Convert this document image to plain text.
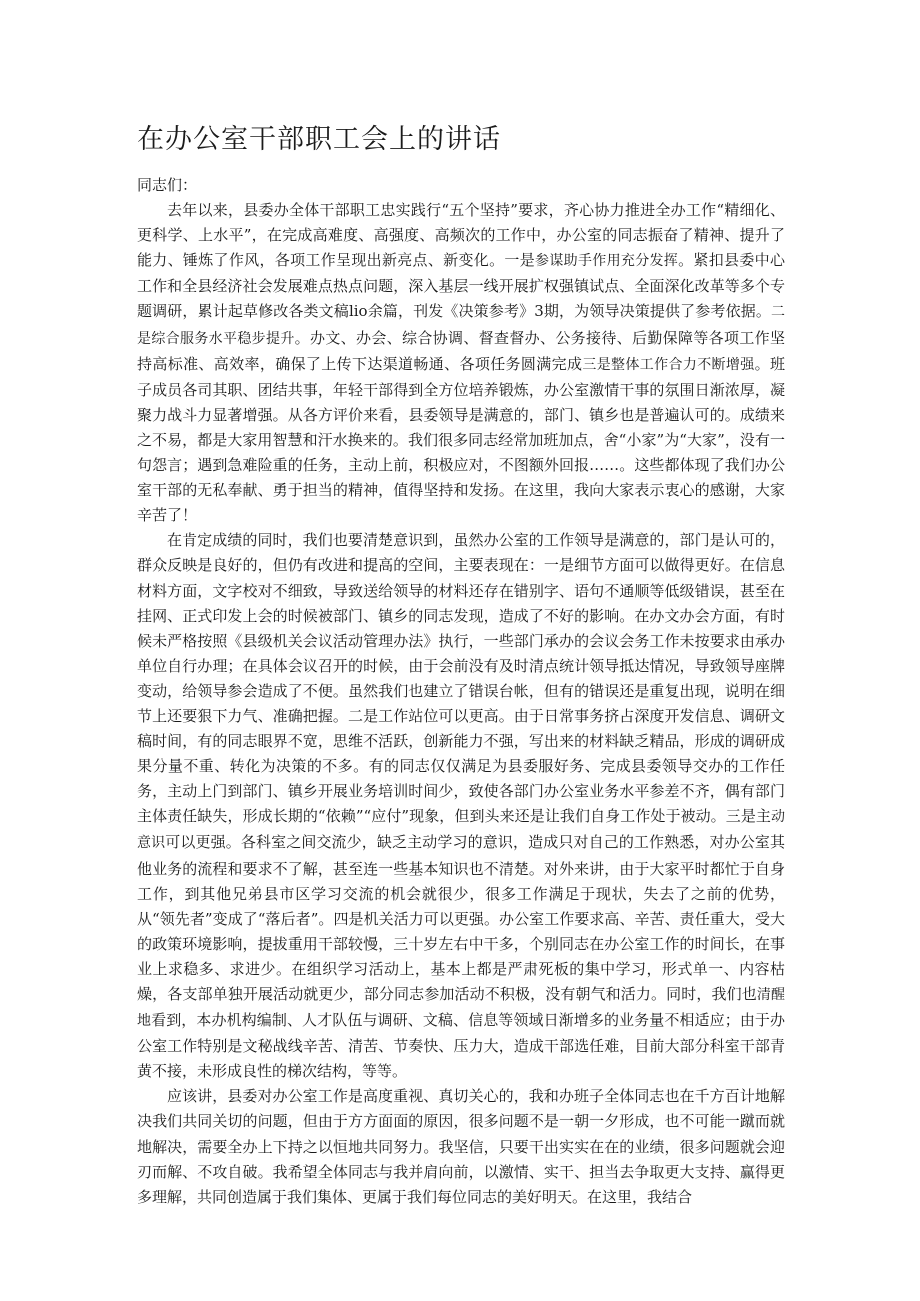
在办公室干部职工会上的讲话

同志们：

去年以来，县委办全体干部职工忠实践行“五个坚持”要求，齐心协力推进全办工作“精细化、更科学、上水平”，在完成高难度、高强度、高频次的工作中，办公室的同志振奋了精神、提升了能力、锤炼了作风，各项工作呈现出新亮点、新变化。一是参谋助手作用充分发挥。紧扣县委中心工作和全县经济社会发展难点热点问题，深入基层一线开展扩权强镇试点、全面深化改革等多个专题调研，累计起草修改各类文稿lio余篇，刊发《决策参考》3期，为领导决策提供了参考依据。二是综合服务水平稳步提升。办文、办会、综合协调、督查督办、公务接待、后勤保障等各项工作坚持高标准、高效率，确保了上传下达渠道畅通、各项任务圆满完成三是整体工作合力不断增强。班子成员各司其职、团结共事，年轻干部得到全方位培养锻炼，办公室激情干事的氛围日渐浓厚，凝聚力战斗力显著增强。从各方评价来看，县委领导是满意的，部门、镇乡也是普遍认可的。成绩来之不易，都是大家用智慧和汗水换来的。我们很多同志经常加班加点，舍“小家”为“大家”，没有一句怨言；遇到急难险重的任务，主动上前，积极应对，不图额外回报……。这些都体现了我们办公室干部的无私奉献、勇于担当的精神，值得坚持和发扬。在这里，我向大家表示衷心的感谢，大家辛苦了！

在肯定成绩的同时，我们也要清楚意识到，虽然办公室的工作领导是满意的，部门是认可的，群众反映是良好的，但仍有改进和提高的空间，主要表现在：一是细节方面可以做得更好。在信息材料方面，文字校对不细致，导致送给领导的材料还存在错别字、语句不通顺等低级错误，甚至在挂网、正式印发上会的时候被部门、镇乡的同志发现，造成了不好的影响。在办文办会方面，有时候未严格按照《县级机关会议活动管理办法》执行，一些部门承办的会议会务工作未按要求由承办单位自行办理；在具体会议召开的时候，由于会前没有及时清点统计领导抵达情况，导致领导座牌变动，给领导参会造成了不便。虽然我们也建立了错误台帐，但有的错误还是重复出现，说明在细节上还要狠下力气、准确把握。二是工作站位可以更高。由于日常事务挤占深度开发信息、调研文稿时间，有的同志眼界不宽，思维不活跃，创新能力不强，写出来的材料缺乏精品，形成的调研成果分量不重、转化为决策的不多。有的同志仅仅满足为县委服好务、完成县委领导交办的工作任务，主动上门到部门、镇乡开展业务培训时间少，致使各部门办公室业务水平参差不齐，偶有部门主体责任缺失，形成长期的“依赖”“应付”现象，但到头来还是让我们自身工作处于被动。三是主动意识可以更强。各科室之间交流少，缺乏主动学习的意识，造成只对自己的工作熟悉，对办公室其他业务的流程和要求不了解，甚至连一些基本知识也不清楚。对外来讲，由于大家平时都忙于自身工作，到其他兄弟县市区学习交流的机会就很少，很多工作满足于现状，失去了之前的优势，从“领先者”变成了“落后者”。四是机关活力可以更强。办公室工作要求高、辛苦、责任重大，受大的政策环境影响，提拔重用干部较慢，三十岁左右中干多，个别同志在办公室工作的时间长，在事业上求稳多、求进少。在组织学习活动上，基本上都是严肃死板的集中学习，形式单一、内容枯燥，各支部单独开展活动就更少，部分同志参加活动不积极，没有朝气和活力。同时，我们也清醒地看到，本办机构编制、人才队伍与调研、文稿、信息等领域日渐增多的业务量不相适应；由于办公室工作特别是文秘战线辛苦、清苦、节奏快、压力大，造成干部选任难，目前大部分科室干部青黄不接，未形成良性的梯次结构，等等。

应该讲，县委对办公室工作是高度重视、真切关心的，我和办班子全体同志也在千方百计地解决我们共同关切的问题，但由于方方面面的原因，很多问题不是一朝一夕形成，也不可能一蹴而就地解决，需要全办上下持之以恒地共同努力。我坚信，只要干出实实在在的业绩，很多问题就会迎刃而解、不攻自破。我希望全体同志与我并肩向前，以激情、实干、担当去争取更大支持、赢得更多理解，共同创造属于我们集体、更属于我们每位同志的美好明天。在这里，我结合
